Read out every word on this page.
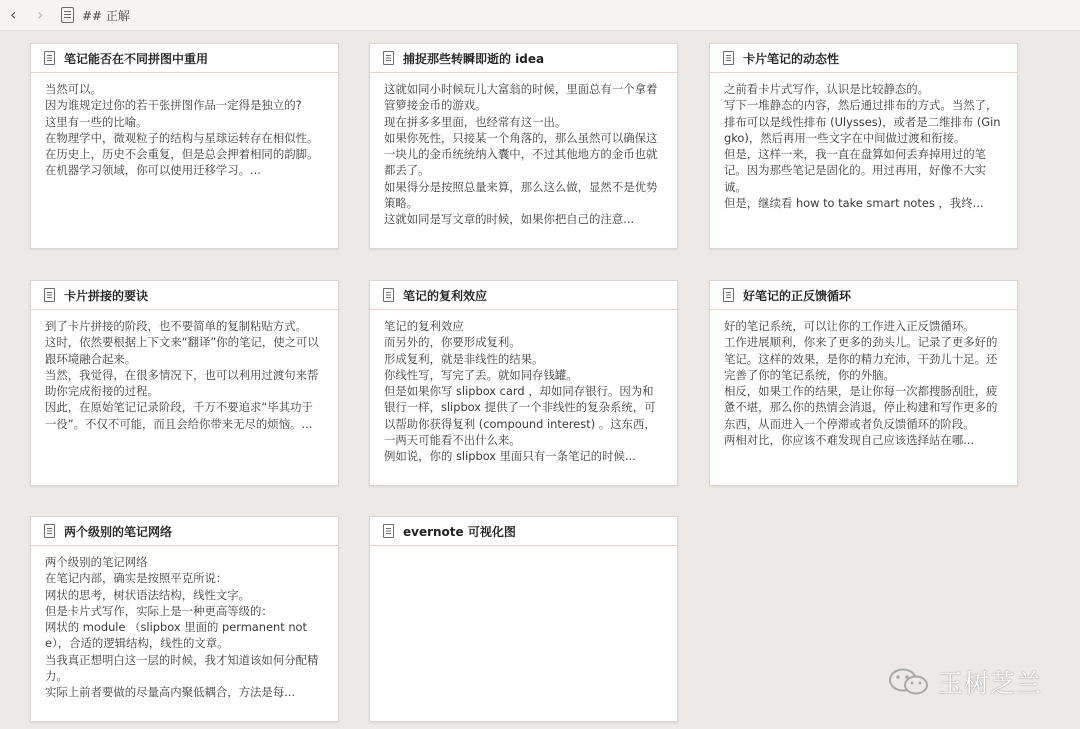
‹ ›	## 正解
笔记能否在不同拼图中重用
当然可以。
因为谁规定过你的若干张拼图作品一定得是独立的?
这里有一些的比喻。
在物理学中，微观粒子的结构与星球运转存在相似性。
在历史上，历史不会重复，但是总会押着相同的韵脚。
在机器学习领域，你可以使用迁移学习。...
捕捉那些转瞬即逝的 idea
这就如同小时候玩儿大富翁的时候，里面总有一个拿着管箩接金币的游戏。
现在拼多多里面，也经常有这一出。
如果你死性，只接某一个角落的，那么虽然可以确保这一块儿的金币统统纳入囊中，不过其他地方的金币也就都丢了。
如果得分是按照总量来算，那么这么做，显然不是优势策略。
这就如同是写文章的时候，如果你把自己的注意...
卡片笔记的动态性
之前看卡片式写作，认识是比较静态的。
写下一堆静态的内容，然后通过排布的方式。当然了，排布可以是线性排布 (Ulysses)，或者是二维排布 (Gingko)，然后再用一些文字在中间做过渡和衔接。
但是，这样一来，我一直在盘算如何丢弃掉用过的笔记。因为那些笔记是固化的。用过再用，好像不大实诚。
但是，继续看 how to take smart notes ，我终...
卡片拼接的要诀
到了卡片拼接的阶段，也不要简单的复制粘贴方式。
这时，依然要根据上下文来“翻译”你的笔记，使之可以跟环境融合起来。
当然，我觉得，在很多情况下，也可以利用过渡句来帮助你完成衔接的过程。
因此，在原始笔记记录阶段，千万不要追求“毕其功于一役”。不仅不可能，而且会给你带来无尽的烦恼。...
笔记的复利效应
笔记的复利效应
而另外的，你要形成复利。
形成复利，就是非线性的结果。
你线性写，写完了丢。就如同存钱罐。
但是如果你写 slipbox card ，却如同存银行。因为和银行一样，slipbox 提供了一个非线性的复杂系统，可以帮助你获得复利 (compound interest) 。这东西，一两天可能看不出什么来。
例如说，你的 slipbox 里面只有一条笔记的时候...
好笔记的正反馈循环
好的笔记系统，可以让你的工作进入正反馈循环。
工作进展顺利，你来了更多的劲头儿。记录了更多好的笔记。这样的效果，是你的精力充沛，干劲儿十足。还完善了你的笔记系统，你的外脑。
相反，如果工作的结果，是让你每一次都搜肠刮肚，疲惫不堪，那么你的热情会消退，停止构建和写作更多的东西，从而进入一个停滞或者负反馈循环的阶段。
两相对比，你应该不难发现自己应该选择站在哪...
两个级别的笔记网络
两个级别的笔记网络
在笔记内部，确实是按照平克所说：
网状的思考，树状语法结构，线性文字。
但是卡片式写作，实际上是一种更高等级的：
网状的 module （slipbox 里面的 permanent note），合适的逻辑结构，线性的文章。
当我真正想明白这一层的时候，我才知道该如何分配精力。
实际上前者要做的尽量高内聚低耦合，方法是每...
evernote 可视化图
玉树芝兰
